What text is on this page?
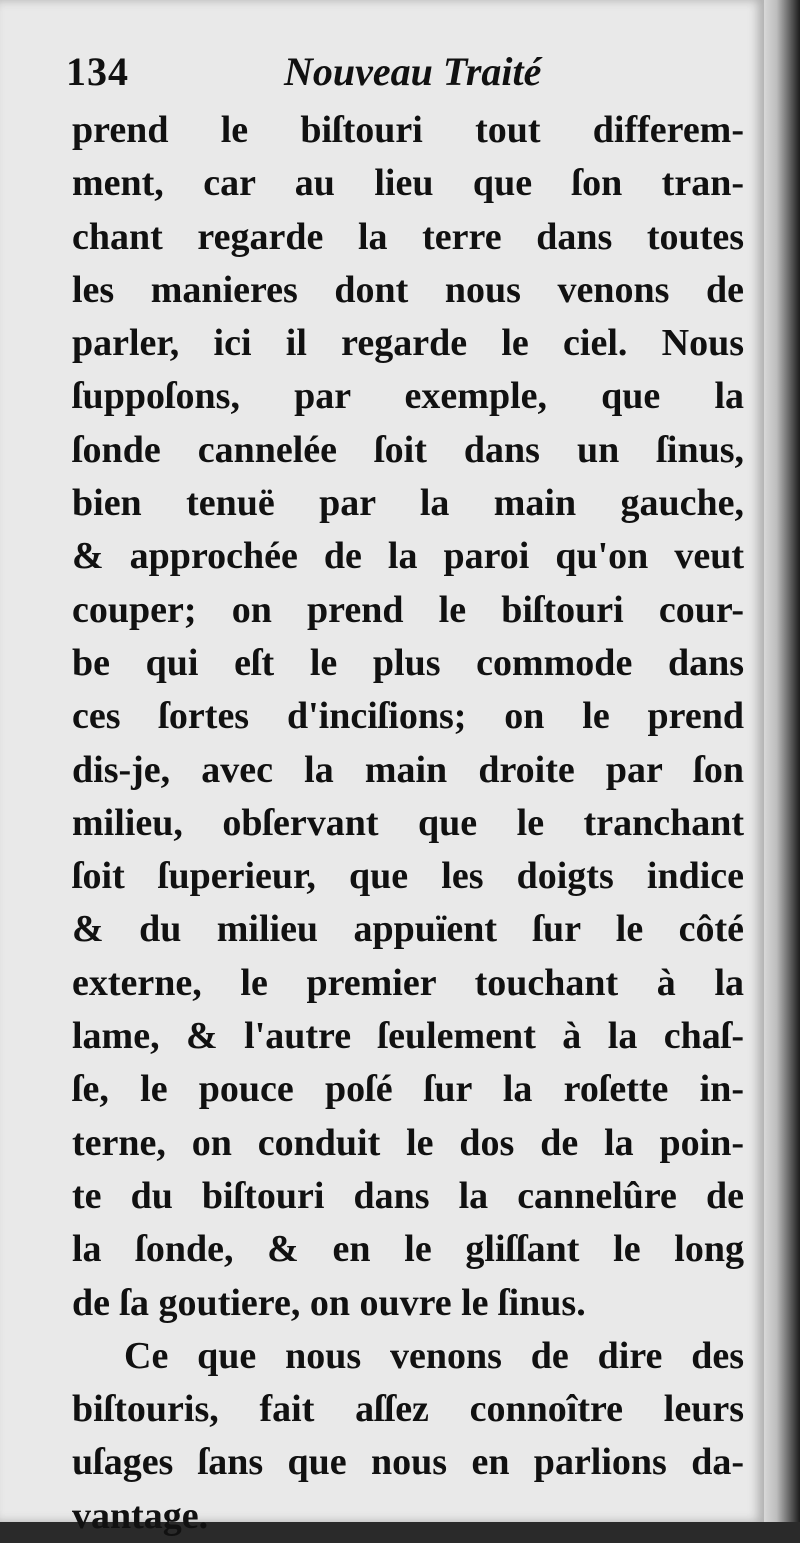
134	Nouveau Traité
prend le biſtouri tout differem-
ment, car au lieu que ſon tran-
chant regarde la terre dans toutes
les manieres dont nous venons de
parler, ici il regarde le ciel. Nous
ſuppoſons, par exemple, que la
ſonde cannelée ſoit dans un ſinus,
bien tenuë par la main gauche,
& approchée de la paroi qu'on veut
couper; on prend le biſtouri cour-
be qui eſt le plus commode dans
ces ſortes d'inciſions; on le prend
dis-je, avec la main droite par ſon
milieu, obſervant que le tranchant
ſoit ſuperieur, que les doigts indice
& du milieu appuïent ſur le côté
externe, le premier touchant à la
lame, & l'autre ſeulement à la chaſ-
ſe, le pouce poſé ſur la roſette in-
terne, on conduit le dos de la poin-
te du biſtouri dans la cannelûre de
la ſonde, & en le gliſſant le long
de ſa goutiere, on ouvre le ſinus.
Ce que nous venons de dire des
biſtouris, fait aſſez connoître leurs
uſages ſans que nous en parlions da-
vantage.
